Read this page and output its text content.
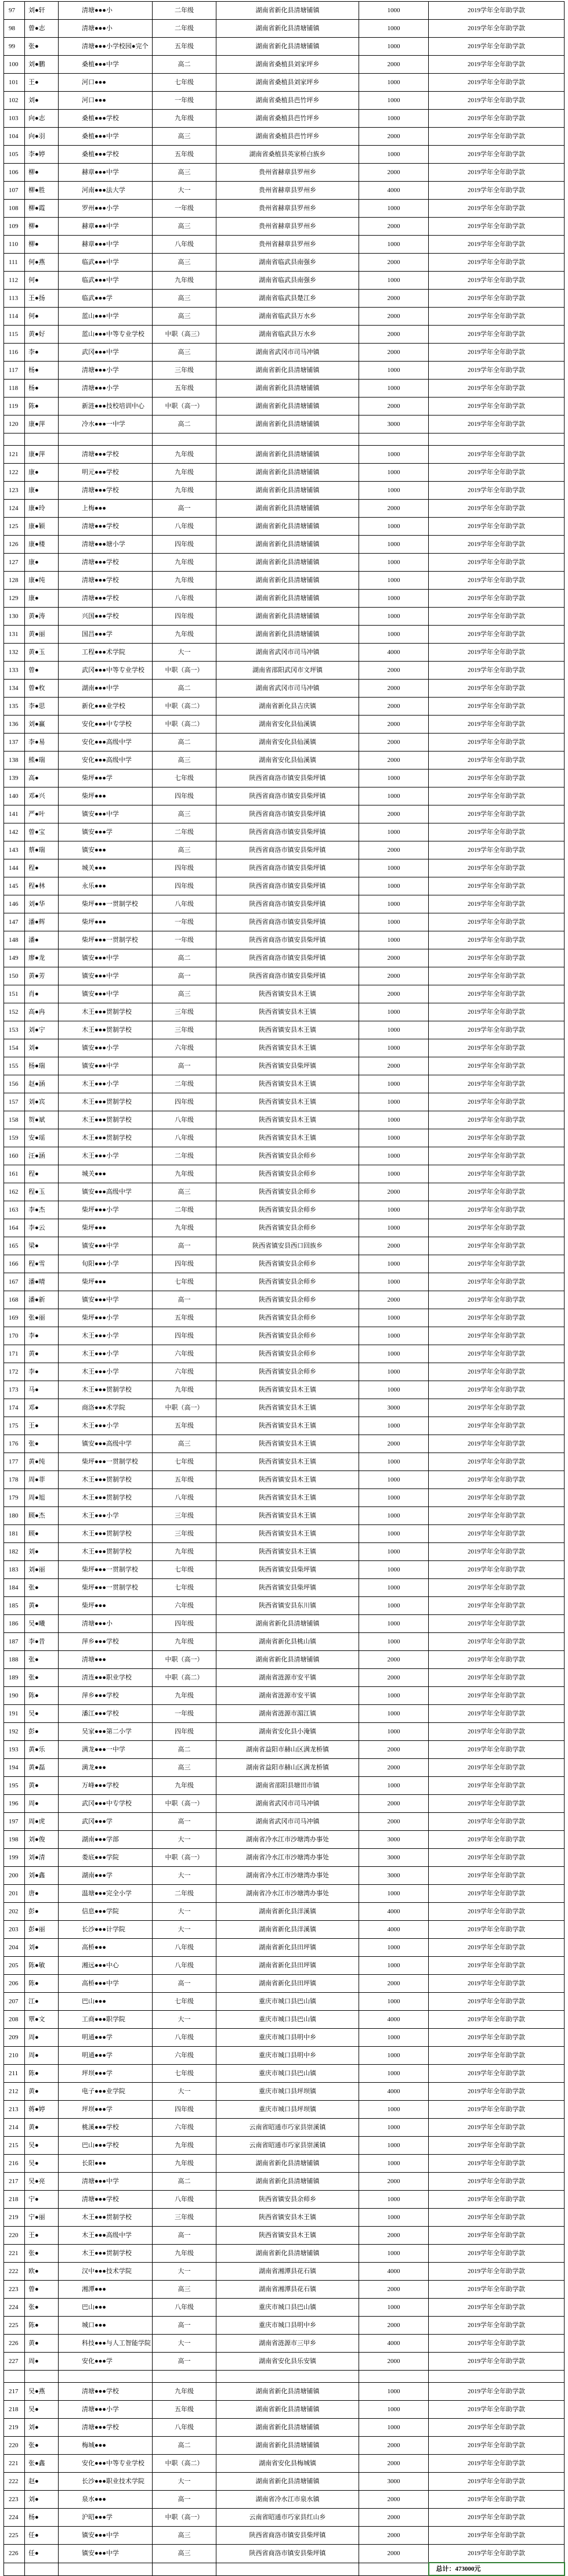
97	刘●轩	清塘●●●小	二年级	湖南省新化县清塘铺镇	1000	2019学年全年助学款
98	曾●志	清塘●●●小	二年级	湖南省新化县清塘铺镇	1000	2019学年全年助学款
99	张●	清塘●●●小学校园●完个	五年级	湖南省新化县清塘铺镇	1000	2019学年全年助学款
100	刘●鹏	桑植●●●中学	高二	湖南省桑植县刘家坪乡	2000	2019学年全年助学款
101	王●	河口●●●	七年级	湖南省桑植县刘家坪乡	1000	2019学年全年助学款
102	刘●	河口●●●	一年级	湖南省桑植县芭竹坪乡	1000	2019学年全年助学款
103	向●志	桑植●●●学校	九年级	湖南省桑植县芭竹坪乡	1000	2019学年全年助学款
104	向●羽	桑植●●●中学	高三	湖南省桑植县芭竹坪乡	2000	2019学年全年助学款
105	李●婷	桑植●●●学校	五年级	湖南省桑植县英家桥白族乡	1000	2019学年全年助学款
106	柳●	赫章●●●中学	高三	贵州省赫章县罗州乡	2000	2019学年全年助学款
107	柳●胜	河南●●●法大学	大一	贵州省赫章县罗州乡	4000	2019学年全年助学款
108	柳●霞	罗州●●●小学	一年级	贵州省赫章县罗州乡	1000	2019学年全年助学款
109	柳●	赫章●●●中学	高三	贵州省赫章县罗州乡	2000	2019学年全年助学款
110	柳●	赫章●●●中学	八年级	贵州省赫章县罗州乡	1000	2019学年全年助学款
111	何●燕	临武●●●中学	高三	湖南省临武县南强乡	2000	2019学年全年助学款
112	何●	临武●●●中学	九年级	湖南省临武县南强乡	1000	2019学年全年助学款
113	王●扬	临武●●●学	高三	湖南省临武县楚江乡	2000	2019学年全年助学款
114	何●	蓝山●●●中学	高三	湖南省临武县万水乡	2000	2019学年全年助学款
115	黄●好	蓝山●●●中等专业学校	中职（高三）	湖南省临武县万水乡	2000	2019学年全年助学款
116	李●	武冈●●●中学	高三	湖南省武冈市司马冲镇	2000	2019学年全年助学款
117	杨●	清塘●●●小学	三年级	湖南省新化县清塘铺镇	1000	2019学年全年助学款
118	杨●	清塘●●●小学	五年级	湖南省新化县清塘铺镇	1000	2019学年全年助学款
119	陈●	新涟●●●技校培训中心	中职（高一）	湖南省新化县清塘铺镇	2000	2019学年全年助学款
120	康●萍	冷水●●●一中学	高二	湖南省新化县清塘铺镇	3000	2019学年全年助学款

121	康●萍	清塘●●●学校	九年级	湖南省新化县清塘铺镇	1000	2019学年全年助学款
122	康●	明元●●●学校	九年级	湖南省新化县清塘铺镇	1000	2019学年全年助学款
123	康●	清塘●●●学校	九年级	湖南省新化县清塘铺镇	1000	2019学年全年助学款
124	康●玲	上梅●●●	高一	湖南省新化县清塘铺镇	2000	2019学年全年助学款
125	康●颖	清塘●●●学校	八年级	湖南省新化县清塘铺镇	1000	2019学年全年助学款
126	康●楼	清塘●●●塘小学	四年级	湖南省新化县清塘铺镇	1000	2019学年全年助学款
127	康●	清塘●●●学校	九年级	湖南省新化县清塘铺镇	1000	2019学年全年助学款
128	康●纯	清塘●●●学校	九年级	湖南省新化县清塘铺镇	1000	2019学年全年助学款
129	康●	清塘●●●学校	八年级	湖南省新化县清塘铺镇	1000	2019学年全年助学款
130	黄●涛	兴国●●●学校	四年级	湖南省新化县清塘铺镇	1000	2019学年全年助学款
131	黄●丽	国昌●●●学	九年级	湖南省新化县清塘铺镇	1000	2019学年全年助学款
132	黄●玉	工程●●●术学院	大一	湖南省武冈市司马冲镇	4000	2019学年全年助学款
133	曾●	武冈●●●中等专业学校	中职（高一）	湖南省邵阳武冈市文坪镇	2000	2019学年全年助学款
134	曾●枚	湖南●●●中学	高二	湖南省武冈市司马冲镇	2000	2019学年全年助学款
135	李●思	新化●●●业学校	中职（高二）	湖南省新化县吉庆镇	2000	2019学年全年助学款
136	刘●赢	安化●●●中专学校	中职（高二）	湖南省安化县仙溪镇	2000	2019学年全年助学款
137	李●易	安化●●●高级中学	高二	湖南省安化县仙溪镇	2000	2019学年全年助学款
138	熊●瑞	安化●●●高级中学	高三	湖南省安化县仙溪镇	2000	2019学年全年助学款
139	高●	柴坪●●●学	七年级	陕西省商洛市镇安县柴坪镇	1000	2019学年全年助学款
140	邓●兴	柴坪●●●	四年级	陕西省商洛市镇安县柴坪镇	1000	2019学年全年助学款
141	严●叶	镇安●●●中学	高三	陕西省商洛市镇安县柴坪镇	2000	2019学年全年助学款
142	曾●宝	镇安●●●学	二年级	陕西省商洛市镇安县柴坪镇	1000	2019学年全年助学款
143	蔡●瑞	镇安●●●	高三	陕西省商洛市镇安县柴坪镇	2000	2019学年全年助学款
144	程●	城关●●●	四年级	陕西省商洛市镇安县柴坪镇	1000	2019学年全年助学款
145	程●林	永乐●●●	四年级	陕西省商洛市镇安县柴坪镇	1000	2019学年全年助学款
146	刘●华	柴坪●●●一贯制学校	八年级	陕西省商洛市镇安县柴坪镇	1000	2019学年全年助学款
147	潘●辉	柴坪●●●	一年级	陕西省商洛市镇安县柴坪镇	1000	2019学年全年助学款
148	潘●	柴坪●●●一贯制学校	一年级	陕西省商洛市镇安县柴坪镇	1000	2019学年全年助学款
149	廖●龙	镇安●●●中学	高二	陕西省商洛市镇安县柴坪镇	2000	2019学年全年助学款
150	黄●芳	镇安●●●中学	高一	陕西省商洛市镇安县柴坪镇	2000	2019学年全年助学款
151	肖●	镇安●●●中学	高三	陕西省镇安县木王镇	2000	2019学年全年助学款
152	高●冉	木王●●●贯制学校	三年级	陕西省镇安县木王镇	1000	2019学年全年助学款
153	刘●宁	木王●●●贯制学校	三年级	陕西省镇安县木王镇	1000	2019学年全年助学款
154	刘●	镇安●●●小学	六年级	陕西省镇安县木王镇	1000	2019学年全年助学款
155	杨●瑞	镇安●●●中学	高一	陕西省镇安县柴坪镇	2000	2019学年全年助学款
156	赵●涵	木王●●●小学	二年级	陕西省镇安县木王镇	1000	2019学年全年助学款
157	刘●宾	木王●●●贯制学校	四年级	陕西省镇安县木王镇	1000	2019学年全年助学款
158	贺●斌	木王●●●贯制学校	八年级	陕西省镇安县木王镇	1000	2019学年全年助学款
159	安●瑶	木王●●●贯制学校	八年级	陕西省镇安县木王镇	1000	2019学年全年助学款
160	汪●涵	木王●●●小学	二年级	陕西省镇安县余师乡	1000	2019学年全年助学款
161	程●	城关●●●	九年级	陕西省镇安县余师乡	1000	2019学年全年助学款
162	程●玉	镇安●●●高级中学	高三	陕西省镇安县余师乡	2000	2019学年全年助学款
163	李●杰	柴坪●●●小学	二年级	陕西省镇安县余师乡	1000	2019学年全年助学款
164	李●云	柴坪●●●	九年级	陕西省镇安县余师乡	1000	2019学年全年助学款
165	梁●	镇安●●●中学	高一	陕西省镇安县西口回族乡	2000	2019学年全年助学款
166	程●雪	旬阳●●●小学	四年级	陕西省镇安县余师乡	1000	2019学年全年助学款
167	潘●晴	柴坪●●●	七年级	陕西省镇安县余师乡	1000	2019学年全年助学款
168	潘●新	镇安●●●中学	高一	陕西省镇安县余师乡	2000	2019学年全年助学款
169	张●丽	柴坪●●●小学	五年级	陕西省镇安县余师乡	1000	2019学年全年助学款
170	李●	木王●●●小学	四年级	陕西省镇安县余师乡	1000	2019学年全年助学款
171	黄●	木王●●●小学	六年级	陕西省镇安县余师乡	1000	2019学年全年助学款
172	李●	木王●●●小学	六年级	陕西省镇安县余师乡	1000	2019学年全年助学款
173	马●	木王●●●贯制学校	九年级	陕西省镇安县木王镇	1000	2019学年全年助学款
174	邓●	商洛●●●术学院	中职（高一）	陕西省镇安县木王镇	3000	2019学年全年助学款
175	王●	木王●●●小学	五年级	陕西省镇安县木王镇	1000	2019学年全年助学款
176	张●	镇安●●●高级中学	高三	陕西省镇安县木王镇	2000	2019学年全年助学款
177	黄●纯	柴坪●●●一贯制学校	七年级	陕西省镇安县木王镇	1000	2019学年全年助学款
178	周●菲	木王●●●贯制学校	五年级	陕西省镇安县木王镇	1000	2019学年全年助学款
179	周●旭	木王●●●贯制学校	八年级	陕西省镇安县木王镇	1000	2019学年全年助学款
180	顾●杰	木王●●●小学	三年级	陕西省镇安县木王镇	1000	2019学年全年助学款
181	顾●	木王●●●贯制学校	三年级	陕西省镇安县木王镇	1000	2019学年全年助学款
182	刘●	木王●●●贯制学校	九年级	陕西省镇安县木王镇	1000	2019学年全年助学款
183	刘●丽	柴坪●●●一贯制学校	七年级	陕西省镇安县柴坪镇	1000	2019学年全年助学款
184	张●	柴坪●●●一贯制学校	七年级	陕西省镇安县柴坪镇	1000	2019学年全年助学款
185	黄●	柴坪●●●	六年级	陕西省镇安县东川镇	1000	2019学年全年助学款
186	吴●曦	清塘●●●小	四年级	湖南省新化县清塘铺镇	1000	2019学年全年助学款
187	李●昔	萍乡●●●学校	九年级	湖南省新化县桃山镇	1000	2019学年全年助学款
188	张●	清塘●●●	中职（高一）	湖南省新化县清塘铺镇	2000	2019学年全年助学款
189	张●	清连●●●职业学校	中职（高二）	湖南省涟源市安平镇	2000	2019学年全年助学款
190	陈●	萍乡●●●学校	九年级	湖南省涟源市安平镇	1000	2019学年全年助学款
191	吴●	潘江●●●学校	一年级	湖南省涟源市湄江镇	1000	2019学年全年助学款
192	彭●	吴家●●●第二小学	四年级	湖南省安化县小淹镇	1000	2019学年全年助学款
193	黄●乐	满龙●●●一中学	高二	湖南省益阳市赫山区满龙桥镇	2000	2019学年全年助学款
194	黄●磊	満龙●●●	高三	湖南省益阳市赫山区满龙桥镇	2000	2019学年全年助学款
195	黄●	万峰●●●学校	九年级	湖南省邵阳县塘田市镇	1000	2019学年全年助学款
196	周●	武冈●●●中专学校	中职（高一）	湖南省武冈市司马冲镇	2000	2019学年全年助学款
197	周●虎	武冈●●●学	高一	湖南省武冈市司马冲镇	2000	2019学年全年助学款
198	刘●俊	湖南●●●学部	大一	湖南省冷水江市沙塘湾办事处	3000	2019学年全年助学款
199	刘●清	娄底●●●学院	中职（高一）	湖南省冷水江市沙塘湾办事处	3000	2019学年全年助学款
200	刘●鑫	湖南●●●学	大一	湖南省冷水江市沙塘湾办事处	3000	2019学年全年助学款
201	唐●	温塘●●●完全小学	二年级	湖南省冷水江市沙塘湾办事处	1000	2019学年全年助学款
202	彭●	信息●●●学院	大一	湖南省新化县洋溪镇	4000	2019学年全年助学款
203	彭●丽	长沙●●●计学院	大一	湖南省新化县洋溪镇	4000	2019学年全年助学款
204	刘●	高桥●●●	八年级	湖南省新化县田坪镇	1000	2019学年全年助学款
205	陈●敏	湘远●●●中心	八年级	湖南省新化县田坪镇	1000	2019学年全年助学款
206	陈●	高桥●●●中学	高一	湖南省新化县田坪镇	2000	2019学年全年助学款
207	江●	巴山●●●	七年级	重庆市城口县巴山镇	1000	2019学年全年助学款
208	覃●文	工商●●●职学院	大一	重庆市城口县巴山镇	4000	2019学年全年助学款
209	周●	明通●●●学	八年级	重庆市城口县明中乡	1000	2019学年全年助学款
210	周●	明通●●●学	六年级	重庆市城口县明中乡	1000	2019学年全年助学款
211	陈●	坪坝●●●学	七年级	重庆市城口县巴山镇	1000	2019学年全年助学款
212	黄●	电子●●●业学院	大一	重庆市城口县坪坝镇	4000	2019学年全年助学款
213	蒋●婷	坪坝●●●学	四年级	重庆市城口县坪坝镇	1000	2019学年全年助学款
214	黄●	桃溪●●●学校	六年级	云南省昭通市巧家县崇溪镇	1000	2019学年全年助学款
215	吴●	巴山●●●学校	九年级	云南省昭通市巧家县崇溪镇	1000	2019学年全年助学款
216	吴●	长阳●●●	九年级	湖南省新化县清塘铺镇	1000	2019学年全年助学款
217	吴●亮	清塘●●●中学	高二	湖南省新化县清塘铺镇	2000	2019学年全年助学款
218	宁●	清塘●●●学校	八年级	陕西省镇安县余师乡	1000	2019学年全年助学款
219	宁●丽	木王●●●贯制学校	三年级	陕西省镇安县木王镇	1000	2019学年全年助学款
220	王●	木王●●●高级中学	高一	陕西省镇安县木王镇	2000	2019学年全年助学款
221	张●	木王●●●贯制学校	九年级	湖南省新化县清塘铺镇	1000	2019学年全年助学款
222	欧●	汉中●●●技术学院	大一	湖南省湘潭县花石镇	4000	2019学年全年助学款
223	曾●	湘潭●●●	高三	湖南省湘潭县花石镇	2000	2019学年全年助学款
224	张●	巴山●●●	八年级	重庆市城口县巴山镇	1000	2019学年全年助学款
225	陈●	城口●●●	高一	重庆市城口县明中乡	2000	2019学年全年助学款
226	黄●	科技●●●与人工智能学院	大一	湖南省涟源市三甲乡	4000	2019学年全年助学款
227	周●	安化●●●学	高一	湖南省安化县乐安镇	2000	2019学年全年助学款

217	吴●燕	清塘●●●学校	九年级	湖南省新化县清塘铺镇	1000	2019学年全年助学款
218	吴●	清塘●●●小学	五年级	湖南省新化县清塘铺镇	1000	2019学年全年助学款
219	刘●	清塘●●●学校	八年级	湖南省新化县清塘铺镇	1000	2019学年全年助学款
220	张●	梅城●●●	高二	湖南省新化县清塘铺镇	2000	2019学年全年助学款
221	张●鑫	安化●●●中等专业学校	中职（高二）	湖南省安化县梅城镇	2000	2019学年全年助学款
222	赵●	长沙●●●职业技术学院	大一	湖南省新化县清塘铺镇	3000	2019学年全年助学款
223	刘●	泉水●●●	高一	湖南省冷水江市泉水镇	2000	2019学年全年助学款
224	杨●	沪昭●●●学	中职（高一）	云南省昭通市巧家县红山乡	2000	2019学年全年助学款
225	任●	镇安●●●中学	高三	陕西省商洛市镇安县柴坪镇	2000	2019学年全年助学款
226	任●	镇安●●●中学	高三	陕西省商洛市镇安县柴坪镇	2000	2019学年全年助学款
						总计：473000元
